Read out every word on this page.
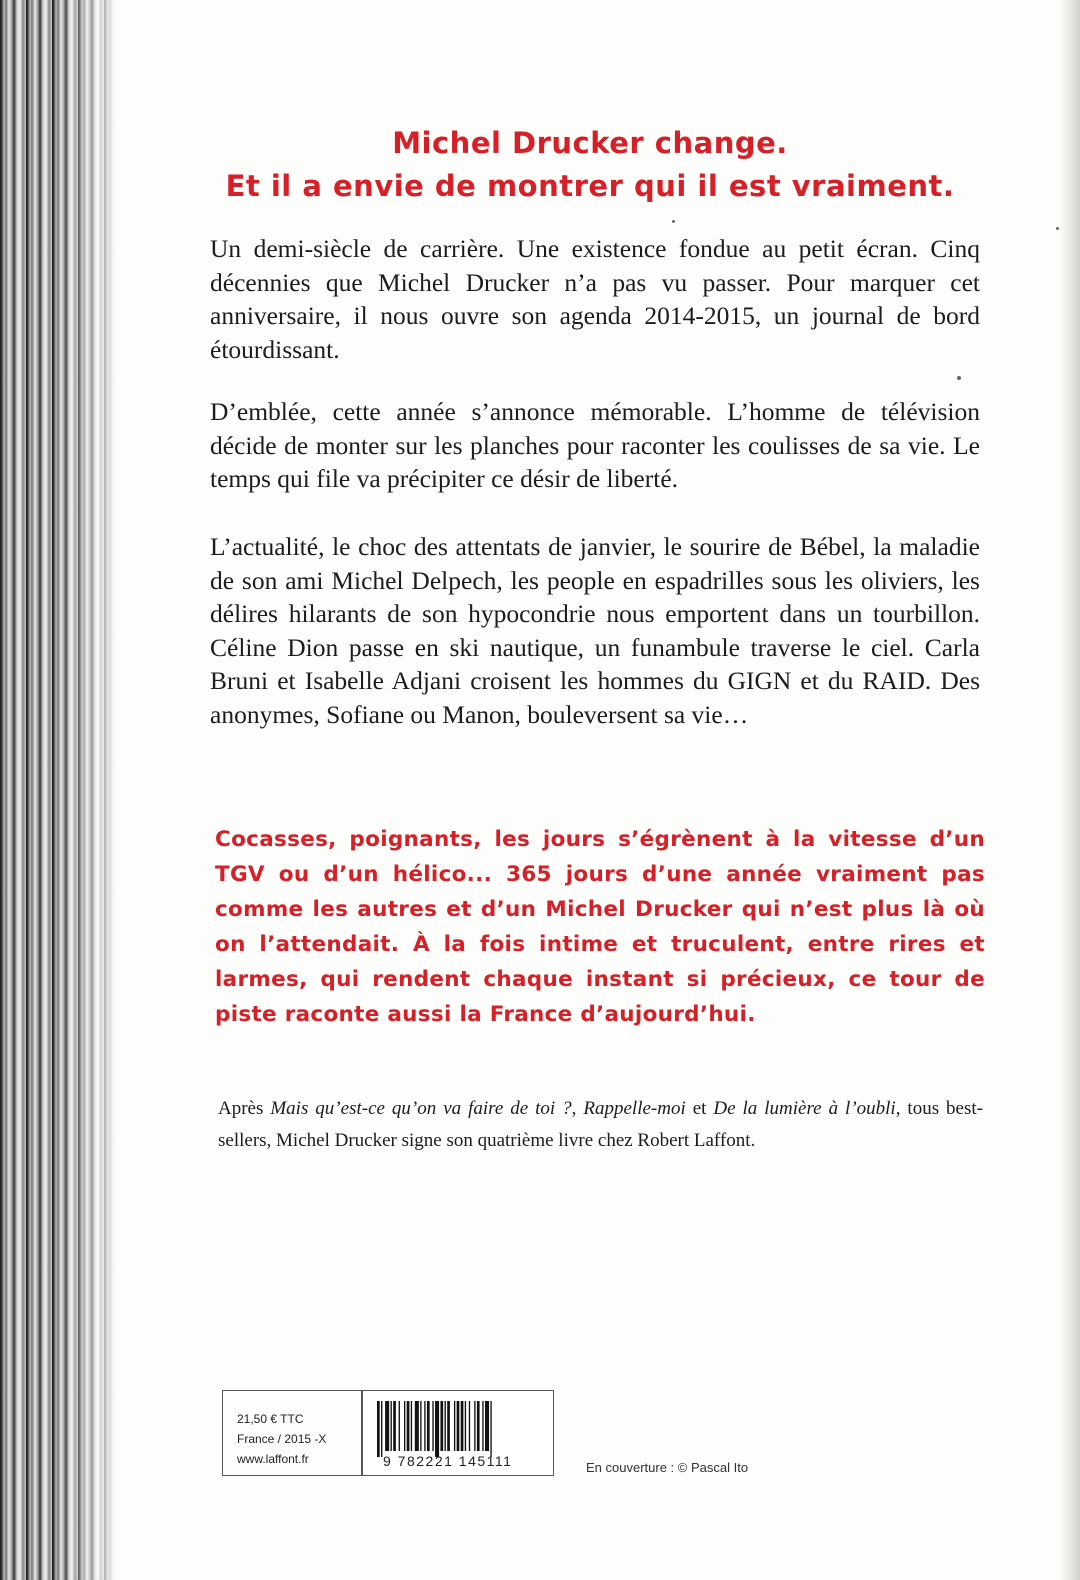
Michel Drucker change.
Et il a envie de montrer qui il est vraiment.

Un demi-siècle de carrière. Une existence fondue au petit écran. Cinq décennies que Michel Drucker n’a pas vu passer. Pour marquer cet anniversaire, il nous ouvre son agenda 2014-2015, un journal de bord étourdissant.

D’emblée, cette année s’annonce mémorable. L’homme de télévision décide de monter sur les planches pour raconter les coulisses de sa vie. Le temps qui file va précipiter ce désir de liberté.

L’actualité, le choc des attentats de janvier, le sourire de Bébel, la maladie de son ami Michel Delpech, les people en espadrilles sous les oliviers, les délires hilarants de son hypocondrie nous emportent dans un tourbillon. Céline Dion passe en ski nautique, un funambule traverse le ciel. Carla Bruni et Isabelle Adjani croisent les hommes du GIGN et du RAID. Des anonymes, Sofiane ou Manon, bouleversent sa vie…

Cocasses, poignants, les jours s’égrènent à la vitesse d’un TGV ou d’un hélico... 365 jours d’une année vraiment pas comme les autres et d’un Michel Drucker qui n’est plus là où on l’attendait. À la fois intime et truculent, entre rires et larmes, qui rendent chaque instant si précieux, ce tour de piste raconte aussi la France d’aujourd’hui.

Après Mais qu’est-ce qu’on va faire de toi ?, Rappelle-moi et De la lumière à l’oubli, tous best-sellers, Michel Drucker signe son quatrième livre chez Robert Laffont.

21,50 € TTC
France / 2015 -X
www.laffont.fr	9 782221 145111	En couverture : © Pascal Ito
